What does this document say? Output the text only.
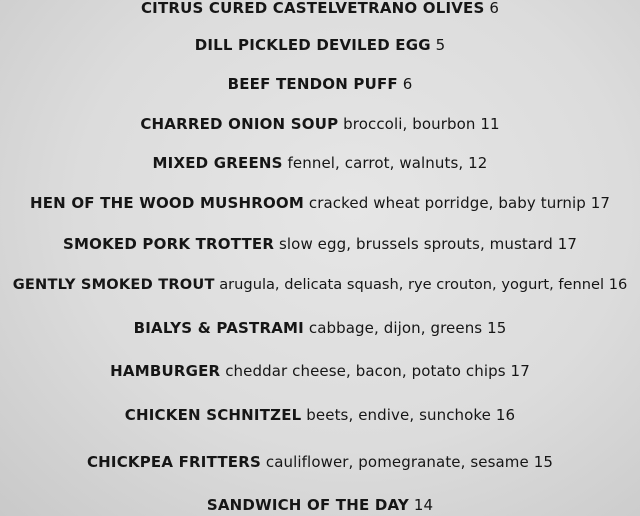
CITRUS CURED CASTELVETRANO OLIVES 6
DILL PICKLED DEVILED EGG 5
BEEF TENDON PUFF 6
CHARRED ONION SOUP broccoli, bourbon 11
MIXED GREENS fennel, carrot, walnuts, 12
HEN OF THE WOOD MUSHROOM cracked wheat porridge, baby turnip 17
SMOKED PORK TROTTER slow egg, brussels sprouts, mustard 17
GENTLY SMOKED TROUT arugula, delicata squash, rye crouton, yogurt, fennel 16
BIALYS & PASTRAMI cabbage, dijon, greens 15
HAMBURGER cheddar cheese, bacon, potato chips 17
CHICKEN SCHNITZEL beets, endive, sunchoke 16
CHICKPEA FRITTERS cauliflower, pomegranate, sesame 15
SANDWICH OF THE DAY 14
